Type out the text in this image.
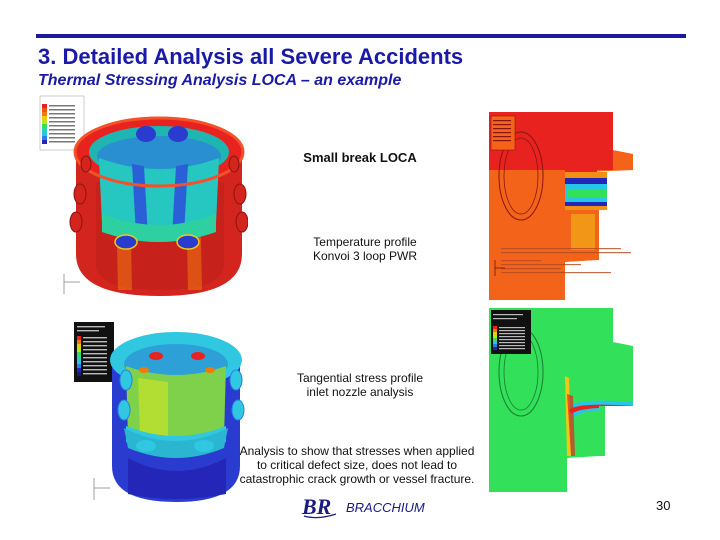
3. Detailed Analysis all Severe Accidents
Thermal Stressing Analysis LOCA – an example
Small break LOCA
Temperature profile
Konvoi 3 loop PWR
Tangential stress profile
inlet nozzle analysis
Analysis to show that stresses when applied
to critical defect size, does not lead to
catastrophic crack growth or vessel fracture.
BR BRACCHIUM	30
